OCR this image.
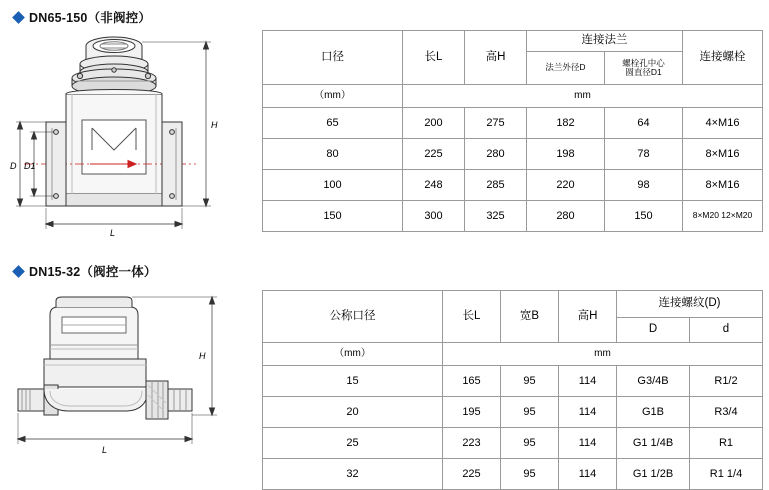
DN65-150（非阀控）
H
D D1
L
口径	长L	高H	连接法兰		连接螺栓
			法兰外径D	螺栓孔中心
圆直径D1	
（mm）	mm				
65	200	275	182	64	4×M16
80	225	280	198	78	8×M16
100	248	285	220	98	8×M16
150	300	325	280	150	8×M20 12×M20
DN15-32（阀控一体）
H
L
公称口径	长L	宽B	高H	连接螺纹(D)	
				D	d
（mm）	mm				
15	165	95	114	G3/4B	R1/2
20	195	95	114	G1B	R3/4
25	223	95	114	G1 1/4B	R1
32	225	95	114	G1 1/2B	R1 1/4
